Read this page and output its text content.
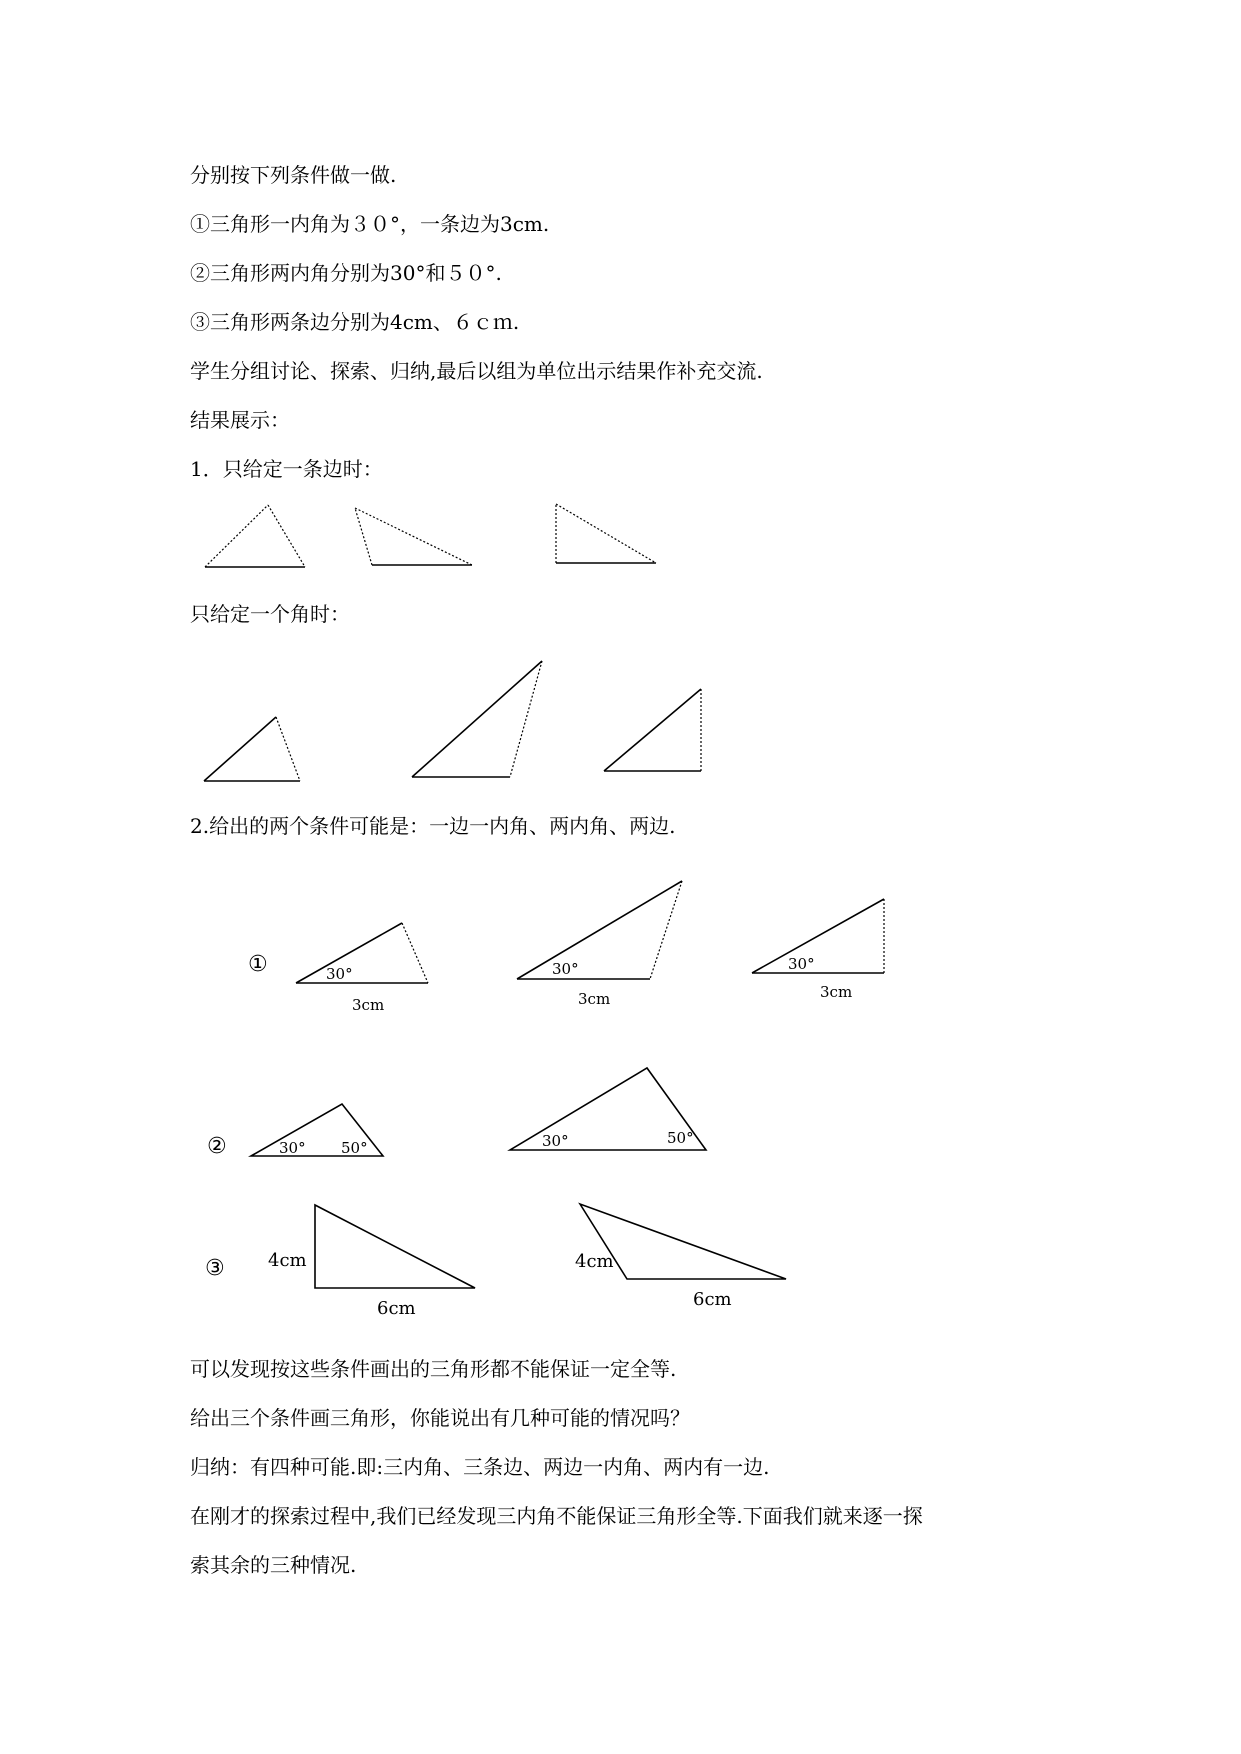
分别按下列条件做一做.
①三角形一内角为３０°，一条边为3cm.
②三角形两内角分别为30°和５０°.
③三角形两条边分别为4cm、６ｃｍ.
学生分组讨论、探索、归纳,最后以组为单位出示结果作补充交流.
结果展示：
1．只给定一条边时：
只给定一个角时：
2.给出的两个条件可能是：一边一内角、两内角、两边.
可以发现按这些条件画出的三角形都不能保证一定全等.
给出三个条件画三角形，你能说出有几种可能的情况吗？
归纳：有四种可能.即:三内角、三条边、两边一内角、两内有一边.
在刚才的探索过程中,我们已经发现三内角不能保证三角形全等.下面我们就来逐一探
索其余的三种情况.
①	30°
3cm
30°
3cm
30°
3cm
②	30° 50°	30°	50°
③ 4cm
6cm
4cm
6cm
